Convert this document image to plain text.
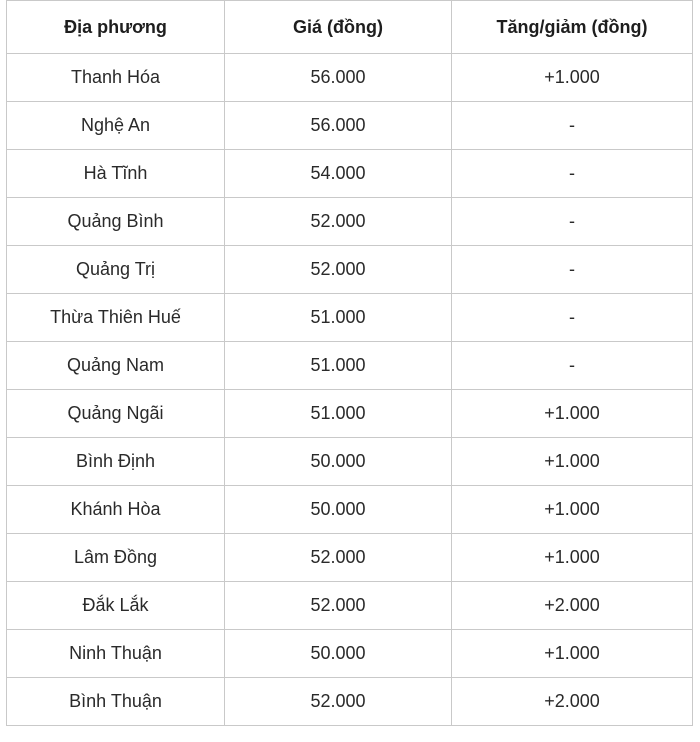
Địa phương	Giá (đồng)	Tăng/giảm (đồng)
Thanh Hóa	56.000	+1.000
Nghệ An	56.000	-
Hà Tĩnh	54.000	-
Quảng Bình	52.000	-
Quảng Trị	52.000	-
Thừa Thiên Huế	51.000	-
Quảng Nam	51.000	-
Quảng Ngãi	51.000	+1.000
Bình Định	50.000	+1.000
Khánh Hòa	50.000	+1.000
Lâm Đồng	52.000	+1.000
Đắk Lắk	52.000	+2.000
Ninh Thuận	50.000	+1.000
Bình Thuận	52.000	+2.000
